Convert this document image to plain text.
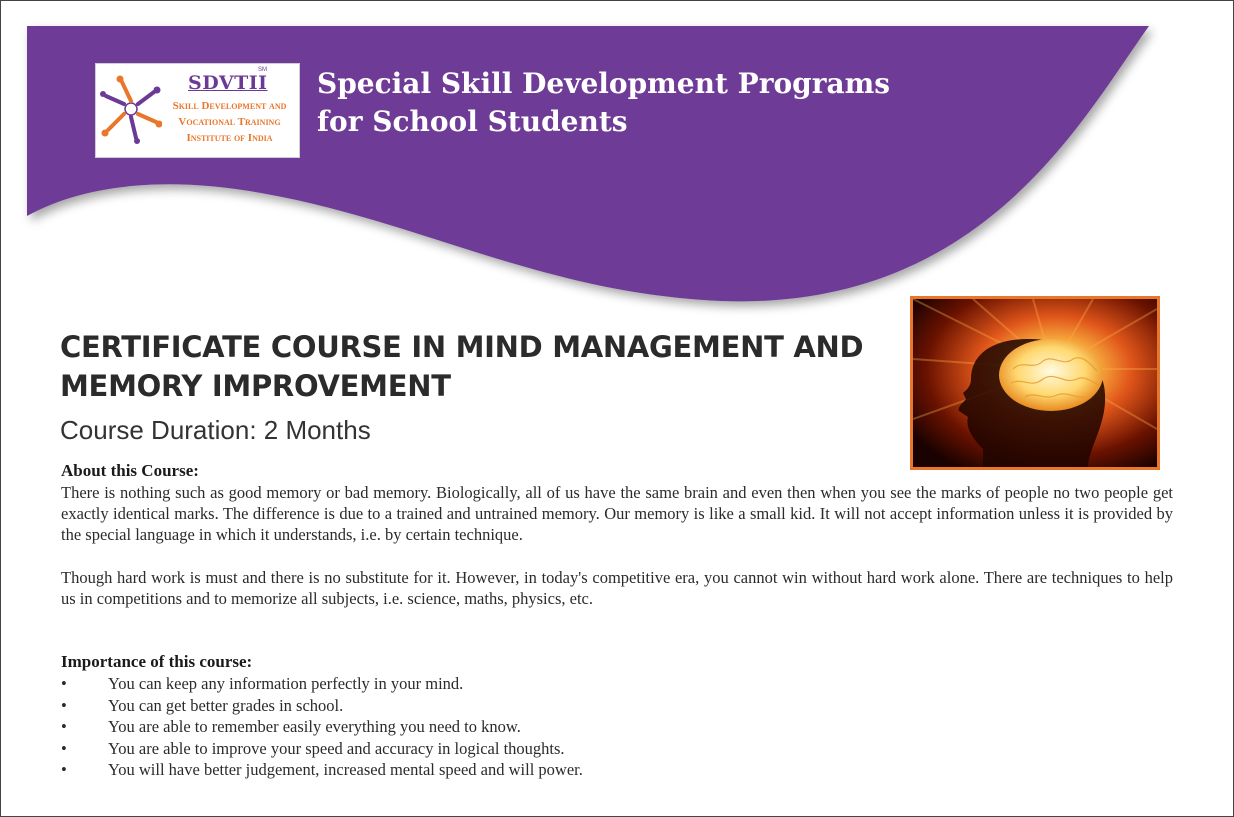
SDVTII
SM
Skill Development and
Vocational Training
Institute of India
Special Skill Development Programs
for School Students
CERTIFICATE COURSE IN MIND MANAGEMENT AND
MEMORY IMPROVEMENT
Course Duration: 2 Months
About this Course:
There is nothing such as good memory or bad memory. Biologically, all of us have the same brain and even then when you see the marks of people no two people get exactly identical marks. The difference is due to a trained and untrained memory. Our memory is like a small kid. It will not accept information unless it is provided by the special language in which it understands, i.e. by certain technique.
Though hard work is must and there is no substitute for it. However, in today's competitive era, you cannot win without hard work alone. There are techniques to help us in competitions and to memorize all subjects, i.e. science, maths, physics, etc.
Importance of this course:
• You can keep any information perfectly in your mind.
• You can get better grades in school.
• You are able to remember easily everything you need to know.
• You are able to improve your speed and accuracy in logical thoughts.
• You will have better judgement, increased mental speed and will power.
